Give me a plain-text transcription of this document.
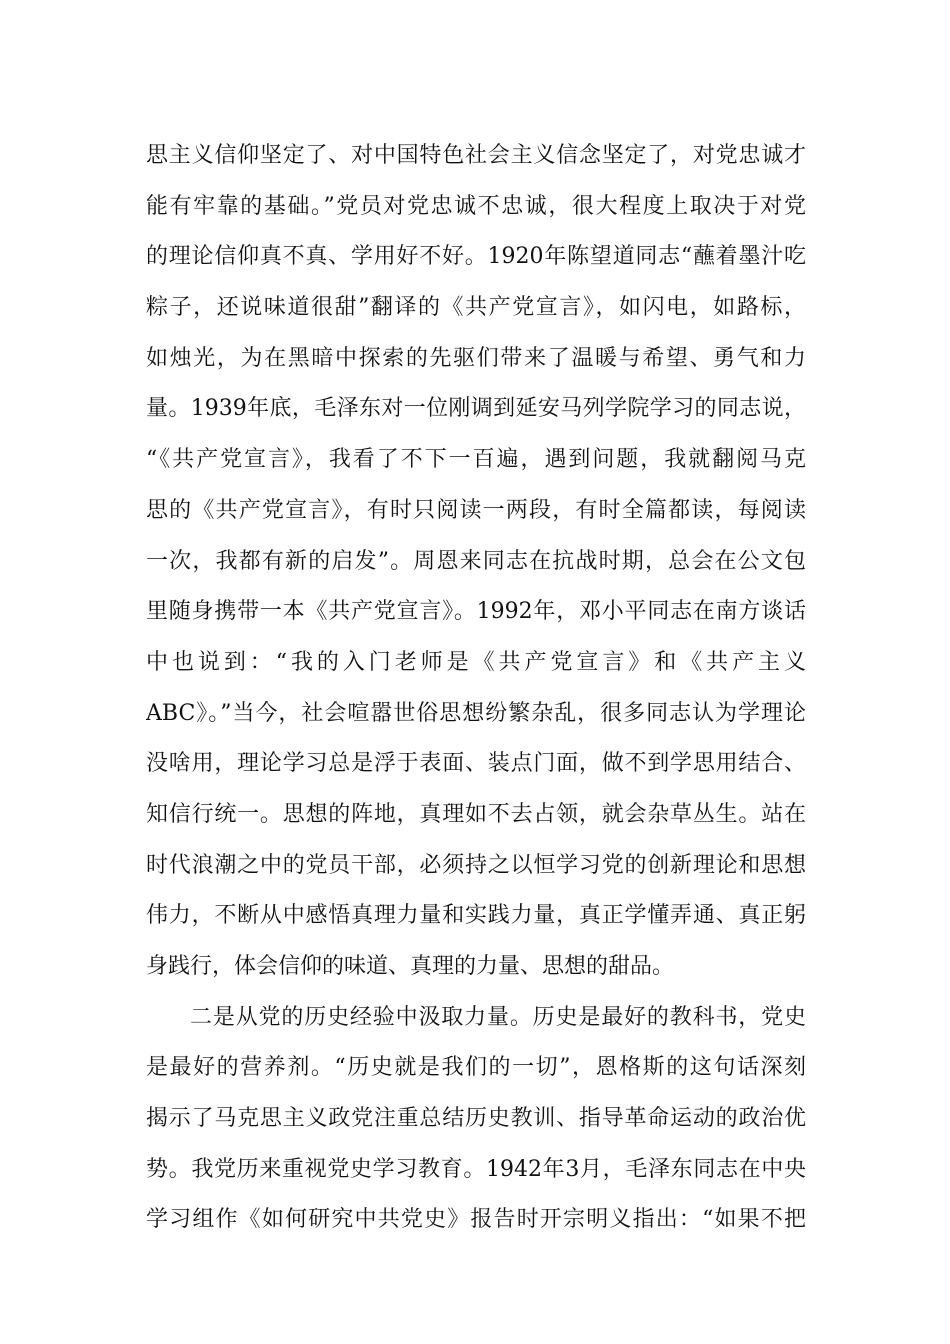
思主义信仰坚定了、对中国特色社会主义信念坚定了，对党忠诚才
能有牢靠的基础。”党员对党忠诚不忠诚，很大程度上取决于对党
的理论信仰真不真、学用好不好。1920年陈望道同志“蘸着墨汁吃
粽子，还说味道很甜”翻译的《共产党宣言》，如闪电，如路标，
如烛光，为在黑暗中探索的先驱们带来了温暖与希望、勇气和力
量。1939年底，毛泽东对一位刚调到延安马列学院学习的同志说，
“《共产党宣言》，我看了不下一百遍，遇到问题，我就翻阅马克
思的《共产党宣言》，有时只阅读一两段，有时全篇都读，每阅读
一次，我都有新的启发”。周恩来同志在抗战时期，总会在公文包
里随身携带一本《共产党宣言》。1992年，邓小平同志在南方谈话
中也说到：“我的入门老师是《共产党宣言》和《共产主义
ABC》。”当今，社会喧嚣世俗思想纷繁杂乱，很多同志认为学理论
没啥用，理论学习总是浮于表面、装点门面，做不到学思用结合、
知信行统一。思想的阵地，真理如不去占领，就会杂草丛生。站在
时代浪潮之中的党员干部，必须持之以恒学习党的创新理论和思想
伟力，不断从中感悟真理力量和实践力量，真正学懂弄通、真正躬
身践行，体会信仰的味道、真理的力量、思想的甜品。
二是从党的历史经验中汲取力量。历史是最好的教科书，党史
是最好的营养剂。“历史就是我们的一切”，恩格斯的这句话深刻
揭示了马克思主义政党注重总结历史教训、指导革命运动的政治优
势。我党历来重视党史学习教育。1942年3月，毛泽东同志在中央
学习组作《如何研究中共党史》报告时开宗明义指出：“如果不把
